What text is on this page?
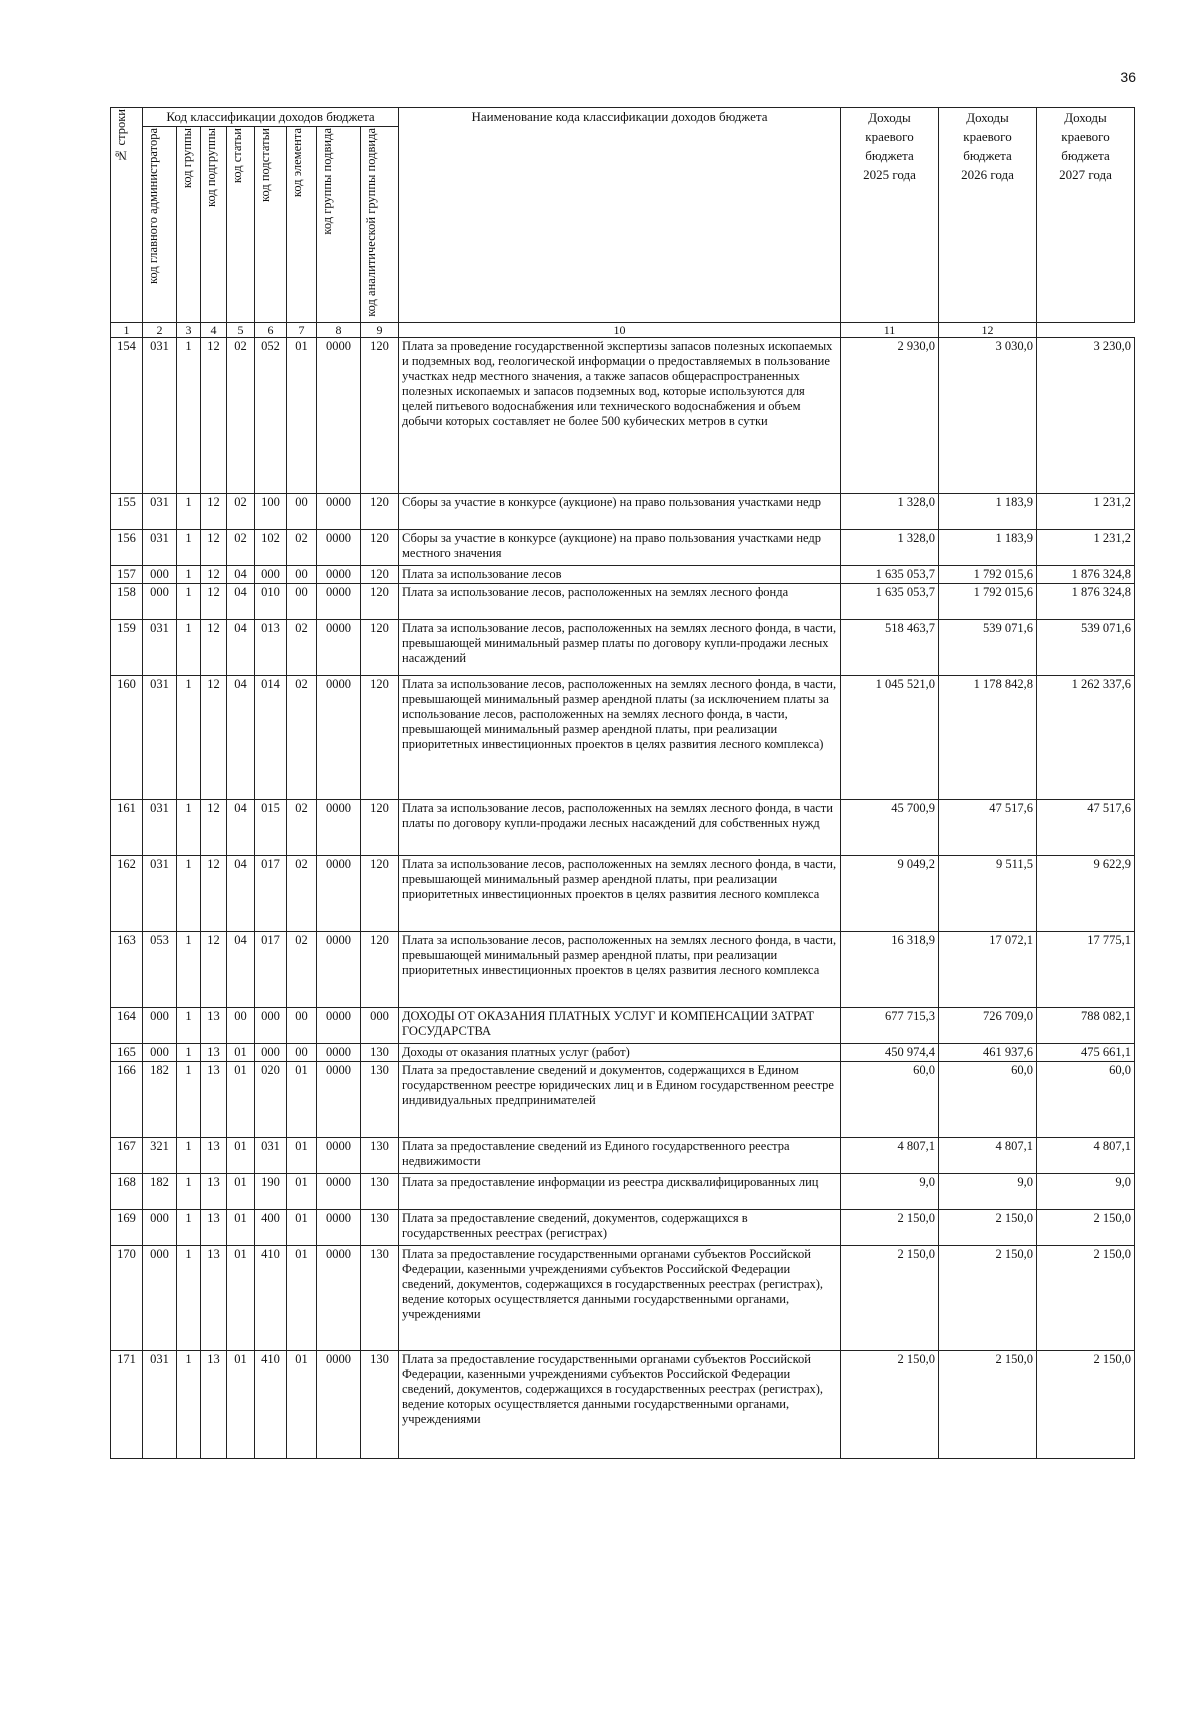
36
№ строки	Код классификации доходов бюджета								Наименование кода классификации доходов бюджета	Доходы
краевого
бюджета
2025 года	Доходы
краевого
бюджета
2026 года	Доходы
краевого
бюджета
2027 года
	код главного администратора	код группы	код подгруппы	код статьи	код подстатьи	код элемента	код группы подвида	код аналитической группы подвида				
1	2	3	4	5	6	7	8	9	10	11	12	
154	031	1	12	02	052	01	0000	120	Плата за проведение государственной экспертизы запасов полезных ископаемых и подземных вод, геологической информации о предоставляемых в пользование участках недр местного значения, а также запасов общераспространенных полезных ископаемых и запасов подземных вод, которые используются для целей питьевого водоснабжения или технического водоснабжения и объем добычи которых составляет не более 500 кубических метров в сутки	2 930,0	3 030,0	3 230,0
155	031	1	12	02	100	00	0000	120	Сборы за участие в конкурсе (аукционе) на право пользования участками недр	1 328,0	1 183,9	1 231,2
156	031	1	12	02	102	02	0000	120	Сборы за участие в конкурсе (аукционе) на право пользования участками недр местного значения	1 328,0	1 183,9	1 231,2
157	000	1	12	04	000	00	0000	120	Плата за использование лесов	1 635 053,7	1 792 015,6	1 876 324,8
158	000	1	12	04	010	00	0000	120	Плата за использование лесов, расположенных на землях лесного фонда	1 635 053,7	1 792 015,6	1 876 324,8
159	031	1	12	04	013	02	0000	120	Плата за использование лесов, расположенных на землях лесного фонда, в части, превышающей минимальный размер платы по договору купли-продажи лесных насаждений	518 463,7	539 071,6	539 071,6
160	031	1	12	04	014	02	0000	120	Плата за использование лесов, расположенных на землях лесного фонда, в части, превышающей минимальный размер арендной платы (за исключением платы за использование лесов, расположенных на землях лесного фонда, в части, превышающей минимальный размер арендной платы, при реализации приоритетных инвестиционных проектов в целях развития лесного комплекса)	1 045 521,0	1 178 842,8	1 262 337,6
161	031	1	12	04	015	02	0000	120	Плата за использование лесов, расположенных на землях лесного фонда, в части платы по договору купли-продажи лесных насаждений для собственных нужд	45 700,9	47 517,6	47 517,6
162	031	1	12	04	017	02	0000	120	Плата за использование лесов, расположенных на землях лесного фонда, в части, превышающей минимальный размер арендной платы, при реализации приоритетных инвестиционных проектов в целях развития лесного комплекса	9 049,2	9 511,5	9 622,9
163	053	1	12	04	017	02	0000	120	Плата за использование лесов, расположенных на землях лесного фонда, в части, превышающей минимальный размер арендной платы, при реализации приоритетных инвестиционных проектов в целях развития лесного комплекса	16 318,9	17 072,1	17 775,1
164	000	1	13	00	000	00	0000	000	ДОХОДЫ ОТ ОКАЗАНИЯ ПЛАТНЫХ УСЛУГ И КОМПЕНСАЦИИ ЗАТРАТ ГОСУДАРСТВА	677 715,3	726 709,0	788 082,1
165	000	1	13	01	000	00	0000	130	Доходы от оказания платных услуг (работ)	450 974,4	461 937,6	475 661,1
166	182	1	13	01	020	01	0000	130	Плата за предоставление сведений и документов, содержащихся в Едином государственном реестре юридических лиц и в Едином государственном реестре индивидуальных предпринимателей	60,0	60,0	60,0
167	321	1	13	01	031	01	0000	130	Плата за предоставление сведений из Единого государственного реестра недвижимости	4 807,1	4 807,1	4 807,1
168	182	1	13	01	190	01	0000	130	Плата за предоставление информации из реестра дисквалифицированных лиц	9,0	9,0	9,0
169	000	1	13	01	400	01	0000	130	Плата за предоставление сведений, документов, содержащихся в государственных реестрах (регистрах)	2 150,0	2 150,0	2 150,0
170	000	1	13	01	410	01	0000	130	Плата за предоставление государственными органами субъектов Российской Федерации, казенными учреждениями субъектов Российской Федерации сведений, документов, содержащихся в государственных реестрах (регистрах), ведение которых осуществляется данными государственными органами, учреждениями	2 150,0	2 150,0	2 150,0
171	031	1	13	01	410	01	0000	130	Плата за предоставление государственными органами субъектов Российской Федерации, казенными учреждениями субъектов Российской Федерации сведений, документов, содержащихся в государственных реестрах (регистрах), ведение которых осуществляется данными государственными органами, учреждениями	2 150,0	2 150,0	2 150,0
